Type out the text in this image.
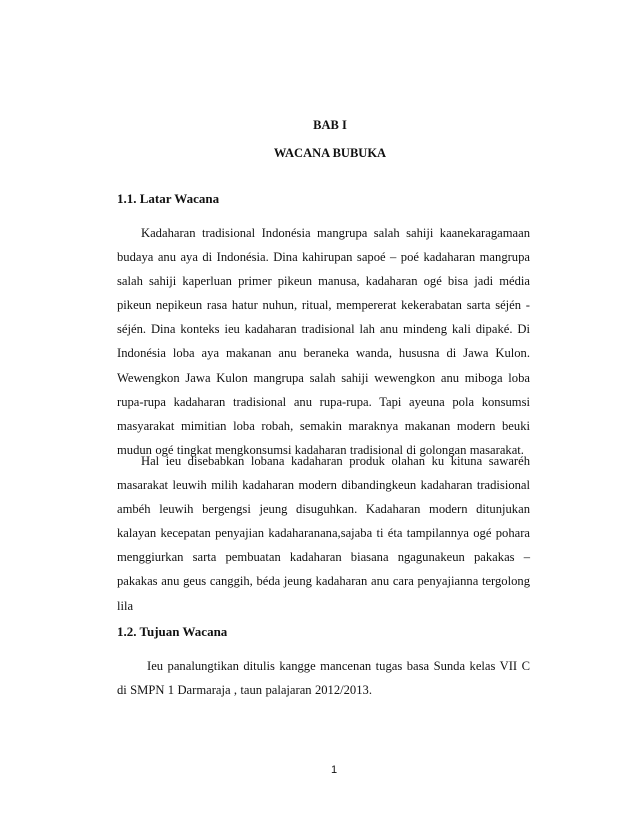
BAB I
WACANA BUBUKA
1.1. Latar Wacana

Kadaharan tradisional Indonésia mangrupa salah sahiji kaanekaragamaan budaya anu aya di Indonésia. Dina kahirupan sapoé – poé kadaharan mangrupa salah sahiji kaperluan primer pikeun manusa, kadaharan ogé bisa jadi média pikeun nepikeun rasa hatur nuhun, ritual, mempererat kekerabatan sarta séjén - séjén. Dina konteks ieu kadaharan tradisional lah anu mindeng kali dipaké. Di Indonésia loba aya makanan anu beraneka wanda, hususna di Jawa Kulon. Wewengkon Jawa Kulon mangrupa salah sahiji wewengkon anu miboga loba rupa-rupa kadaharan tradisional anu rupa-rupa. Tapi ayeuna pola konsumsi masyarakat mimitian loba robah, semakin maraknya makanan modern beuki mudun ogé tingkat mengkonsumsi kadaharan tradisional di golongan masarakat.

Hal ieu disebabkan lobana kadaharan produk olahan ku kituna sawaréh masarakat leuwih milih kadaharan modern dibandingkeun kadaharan tradisional ambéh leuwih bergengsi jeung disuguhkan. Kadaharan modern ditunjukan kalayan kecepatan penyajian kadaharanana,sajaba ti éta tampilannya ogé pohara menggiurkan sarta pembuatan kadaharan biasana ngagunakeun pakakas – pakakas anu geus canggih, béda jeung kadaharan anu cara penyajianna tergolong lila

1.2. Tujuan Wacana

Ieu panalungtikan ditulis kangge mancenan tugas basa Sunda kelas VII C di SMPN 1 Darmaraja , taun palajaran 2012/2013.

1
